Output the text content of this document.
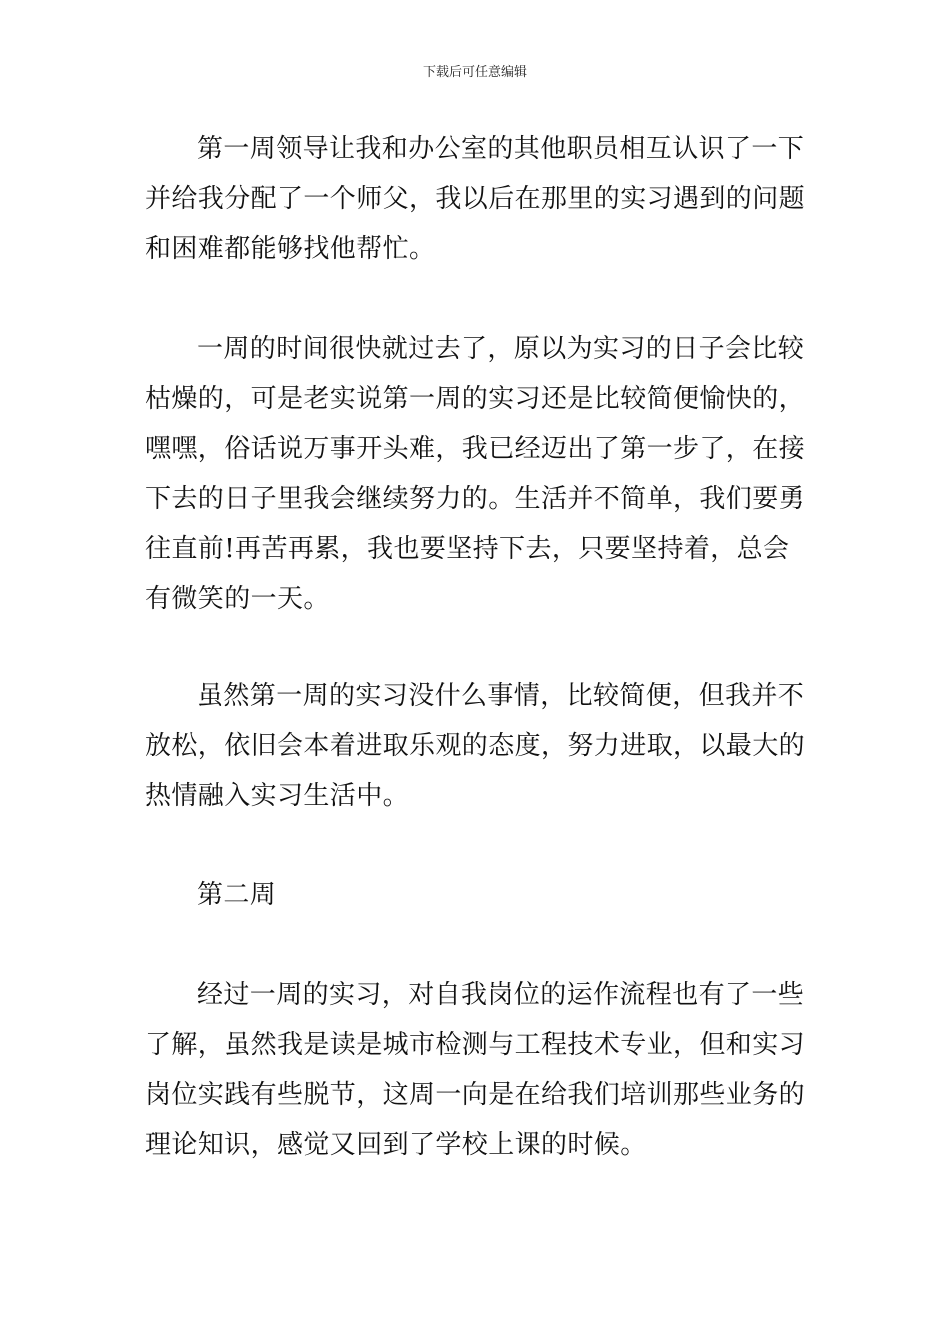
下载后可任意编辑

第一周领导让我和办公室的其他职员相互认识了一下并给我分配了一个师父，我以后在那里的实习遇到的问题和困难都能够找他帮忙。

一周的时间很快就过去了，原以为实习的日子会比较枯燥的，可是老实说第一周的实习还是比较简便愉快的，嘿嘿，俗话说万事开头难，我已经迈出了第一步了，在接下去的日子里我会继续努力的。生活并不简单，我们要勇往直前!再苦再累，我也要坚持下去，只要坚持着，总会有微笑的一天。

虽然第一周的实习没什么事情，比较简便，但我并不放松，依旧会本着进取乐观的态度，努力进取，以最大的热情融入实习生活中。

第二周

经过一周的实习，对自我岗位的运作流程也有了一些了解，虽然我是读是城市检测与工程技术专业，但和实习岗位实践有些脱节，这周一向是在给我们培训那些业务的理论知识，感觉又回到了学校上课的时候。
